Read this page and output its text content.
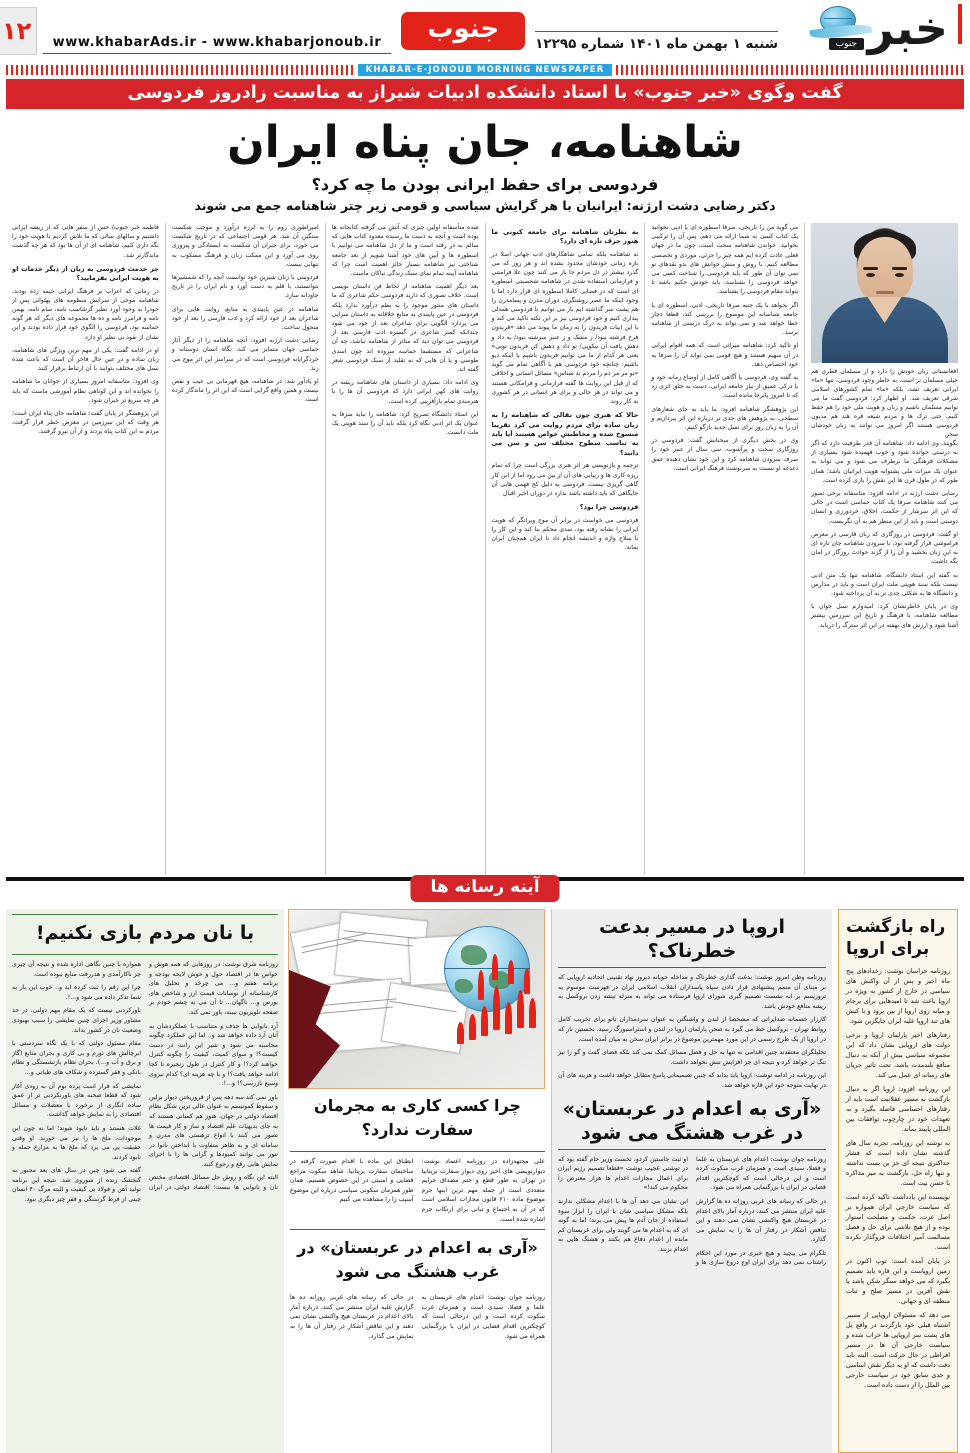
خبر
جنوب
شنبه ۱ بهمن ماه ۱۴۰۱ شماره ۱۲۲۹۵
جنوب
www.khabarAds.ir - www.khabarjonoub.ir
۱۲
KHABAR-E-JONOUB MORNING NEWSPAPER
گفت وگوی «خبر جنوب» با استاد دانشکده ادبیات شیراز به مناسبت زادروز فردوسی
شاهنامه، جان پناه ایران
فردوسی برای حفظ ایرانی بودن ما چه کرد؟
دکتر رضایی دشت ارژنه: ایرانیان با هر گرایش سیاسی و قومی زیر چتر شاهنامه جمع می شوند
افغانستانی زبان خودش را دارد و از مسلمان قطری هم خیلی مسلمان تر است. به خاطر وجود فردوسی، تنها «ما» ایرانی تعریف نشد، بلکه «ما» تمام کشورهای اسلامی شرقی تعریف شد. او اظهار کرد: فردوسی گفت ما می توانیم مسلمان باشیم و زبان و هویت ملی خود را هم حفظ کنیم، حتی ترک ها و مردم شیعه قره هند هم مدیون فردوسی هستند اگر امروز می توانند به زبان خودشان سخن

بگویند. وی ادامه داد: شاهنامه آن قدر ظرفیت دارد که اگر به درستی خوانده شود و خوب فهمیده شود بسیاری از مشکلات فرهنگی ما برطرف می شود و می تواند به عنوان یک میراث ملی پشتوانه هویت ایرانیان باشد؛ همان طور که در طول قرن ها این نقش را بازی کرده است.

رضایی دشت ارژنه در ادامه افزود: متاسفانه برخی تصور می کنند شاهنامه صرفا یک کتاب حماسی است در حالی که این اثر سرشار از حکمت، اخلاق، خردورزی و انسان دوستی است و باید از این منظر هم به آن نگریست.

او گفت: فردوسی در روزگاری که زبان فارسی در معرض فراموشی قرار گرفته بود، با سرودن شاهنامه جان تازه ای به این زبان بخشید و آن را از گزند حوادث روزگار در امان نگه داشت.

به گفته این استاد دانشگاه، شاهنامه تنها یک متن ادبی نیست بلکه سند هویتی ملت ایران است و باید در مدارس و دانشگاه ها به شکلی جدی تر به آن پرداخته شود.

وی در پایان خاطرنشان کرد: امیدوارم نسل جوان با مطالعه شاهنامه، با فرهنگ و تاریخ این سرزمین بیشتر آشنا شود و ارزش های نهفته در این اثر سترگ را دریابد.

می گوید من را تاریخی، صرفا اسطوره ای یا ادبی نخوانید یک کتاب کسی به شما ارائه می دهم، پس آن را ترکیبی بخوانید. خواندن شاهنامه سخت است، چون ما در جهان فعلی عادت کرده ایم همه چیز را جزئی، موردی و تخصصی مطالعه کنیم. با روش و منش خوانش های بدو نقدهای نو نمی توان آن طور که باید فردوسی را شناخت کسی می خواهد فردوسی را بشناسد، باید خودش حکیم باشد تا بتواند مقام فردوسی را بشناسد.

اگر بخواهد با یک جنبه صرفا تاریخی، ادبی، اسطوره ای یا جامعه شناسانه این موضوع را بررسی کند، قطعا دچار خطا خواهد شد و نمی تواند به درک درستی از شاهنامه برسد.

او تاکید کرد: شاهنامه میراثی است که همه اقوام ایرانی در آن سهیم هستند و هیچ قومی نمی تواند آن را صرفا به خود اختصاص دهد.

به گفته وی، فردوسی با آگاهی کامل از اوضاع زمانه خود و با درکی عمیق از نیاز جامعه ایرانی، دست به خلق اثری زد که تا امروز پابرجا مانده است.

این پژوهشگر شاهنامه افزود: ما باید به جای شعارهای سطحی، به پژوهش های جدی تر درباره این اثر بپردازیم و آن را به زبان روز برای نسل جدید بازگو کنیم.

وی در بخش دیگری از سخنانش گفت: فردوسی در روزگاری سخت و پرآشوب، سی سال از عمر خود را صرف سرودن شاهنامه کرد و این خود نشان دهنده عمق دغدغه او نسبت به سرنوشت فرهنگ ایرانی است.

به نظرتان شاهنامه برای جامعه کنونی ما هنوز حرف تازه ای دارد؟

نه شاهنامه بلکه تمامی شاهکارهای ادب جهانی اصلا در بازه زمانی خودشان محدود نشده اند و هر روز که می گذرد بیشتر در دل مردم جا باز می کنند چون علا فرامتنی و فرازمانی استفاده شدن در شاهنامه شخصیتی اسطوره ای است که در فضایی کاملا اسطوره ای قرار دارد اما با وجود اینکه ما عصر روشنگری، دوران مدرن و پسامدرن را هم پشت سر گذاشته ایم باز می توانیم با فردوسی همدلی پنداری کنیم و خود فردوسی نیز بر این نکته تاکید می کند و با این ابیات فریدون را به زمان ما پیوند می دهد «فریدون فرخ فرشته نبود/ ز مشک و ز عنبر سرشته نبود/ به داد و دهش یافت آن نیکویی/ تو داد و دهش کن فریدون تویی» یعنی هر کدام از ما می توانیم فریدون باشیم با اینکه دیو باشیم. چنانچه خود فردوسی هم با آگاهی تمام می گوید «تو مر مر دم را مردم بد شناس» مسائل انسانی و اخلاقی که از قبل این روایت ها گفته فرازمانی و فرامکانی هستند و می تواند در هر حالی و برای هر انسانی در هر کشوری به کار روند.

حالا که هنری چون نقالی که شاهنامه را به زبان ساده برای مردم روایت می کرد تقریبا منسوخ شده و مخاطبش خواص هستند آیا باید به تناسب سطوح مختلف سن و سن می دانید؟

ترجمه و بازنویسی هر اثر هنری بزرگی است چرا که تمام ریزه کاری ها و زیبایی های آن از بین می رود اما از این کار گاهی گریزی نیست. فردوسی به دلیل کج فهمی هایی آن جایگاهی که باید داشته باشد ندارد در دوران اخیر اقبال

فردوسی چرا بود؟

فردوسی می خواست در برابر آن موج ویرانگر که هویت ایرانی را نشانه رفته بود، سدی محکم بنا کند و این کار را با سلاح واژه و اندیشه انجام داد تا ایران همچنان ایران بماند.

شده متأسفانه اولین چیزی که آتش می گرفته کتابخانه ها بوده است و آنچه به دست ما رسیده معدود کتاب هایی که سالم به در رفته است و ما از دل شاهنامه می توانیم با اسطوره ها و آیین های خود آشنا شویم از بعد جامعه شناختی نیز شاهنامه بسیار حائز اهمیت است چرا که شاهنامه آیینه تمام نمای سبک زندگی نیاکان ماست.

بعد دیگر اهمیت شاهنامه از لحاظ فن داستان نویسی است. خلاف تصوری که دارند فردوسی حکم شاعری که ما داستان های منثور موجود را به نظم درآورد ندارد بلکه فردوسی در عین پایبندی به منابع خلاقانه به داستان سرایی می پردازد الگویی برای شاعران بعد از خود می شود چندانکه کمتر شاعری در گستره ادب فارسی بعد از فردوسی می توان دید که متاثر از شاهنامه نباشد، چه آن شاعرانی که مستقیما حماسه سروده اند چون اسدی طوسی و یا آن هایی که به تقلید از سبک فردوسی شعر گفته اند.

وی ادامه داد: بسیاری از داستان های شاهنامه ریشه در روایت های کهن ایرانی دارد که فردوسی آن ها را با هنرمندی تمام بازآفرینی کرده است.

این استاد دانشگاه تصریح کرد: شاهنامه را نباید صرفا به عنوان یک اثر ادبی نگاه کرد بلکه باید آن را سند هویتی یک ملت دانست.

امپراطوری روم را به لرزه درآورد و موجب شکست سنگین آن شد. هر قومی اجتماعی که در تاریخ شکست می خورد، برای جبران آن شکست به ایستادگی و پیروزی روی می آورد و این ممکت زبان و فرهنگ مسکوب به تنهایی نیست.

فردوسی با زبان شیرین خود توانست آنچه را که شمشیرها نتوانستند، با قلم به دست آورد و نام ایران را در تاریخ جاودانه سازد.

شاهنامه در عین پایبندی به منابع، روایت هایی برای شاعران بعد از خود ارائه کرد و ادب فارسی را بعد از خود متحول ساخت.

رضایی دشت ارژنه افزود: آنچه شاهنامه را از دیگر آثار حماسی جهان متمایز می کند، نگاه انسان دوستانه و خردگرایانه فردوسی است که در سراسر این اثر موج می زند.

او یادآور شد: در شاهنامه، هیچ قهرمانی بی عیب و نقص نیست و همین واقع گرایی است که این اثر را ماندگار کرده است.

فاطمه خبر جنوب/ حس از سفر هایی که از ریشه ایرانی داشتیم و سالهای سالی که ما تلاش کردیم تا هویت خود را نگه داری کنیم، شاهنامه ای از آن ها بود که هر چه گذشت ماندگارتر شد.

جز خدمت فردوسی به زبان از دیگر خدمات او به هویت ایرانی بفرمایید؟

در زمانی که اعراب بر فرهنگ ایرانی خیمه زده بودند، شاهنامه موجی از سرایش منظومه های پهلوانی پس از خودرا به وجود آورد نظیر گرشاسب نامه، سام نامه، بهمن نامه و فرامرز نامه و ده ها مجموعه های دیگر که هر گونه حماسه بود، فردوسی را الگوی خود قرار داده بودند و این نشان از نفوذ بی نظیر او دارد.

او در ادامه گفت: یکی از مهم ترین ویژگی های شاهنامه، زبان ساده و در عین حال فاخر آن است که باعث شده نسل های مختلف بتوانند با آن ارتباط برقرار کنند.

وی افزود: متاسفانه امروز بسیاری از جوانان ما شاهنامه را نخوانده اند و این کوتاهی نظام آموزشی ماست که باید هر چه سریع تر جبران شود.

این پژوهشگر در پایان گفت: شاهنامه جان پناه ایران است؛ هر وقت که این سرزمین در معرض خطر قرار گرفت، مردم به این کتاب پناه بردند و از آن نیرو گرفتند.

آینه رسانه ها
راه بازگشت برای اروپا

روزنامه خراسان نوشت: رخدادهای پنج ماه اخیر و پس از آن واکنش های سیاسی در خارج از کشور به ویژه در اروپا باعث شد تا امیدهایی برای برجام و میانه روی اروپا از بین برود و با کنش های تند اروپا علیه ایران جایگزین شود.

رفتارهای اخیر پارلمان اروپا و برخی دولت های اروپایی نشان داد که این مجموعه سیاسی بیش از آنکه به دنبال منافع بلندمدت باشد، تحت تاثیر جریان های رسانه ای عمل می کند.

این روزنامه افزود: اروپا اگر به دنبال بازگشت به مسیر عقلانیت است باید از رفتارهای احساسی فاصله بگیرد و به تعهدات خود در چارچوب توافقات بین المللی پایبند بماند.

به نوشته این روزنامه، تجربه سال های گذشته نشان داده است که فشار حداکثری نتیجه ای جز بن بست نداشته و تنها راه حل، بازگشت به میز مذاکره با حسن نیت است.

نویسنده این یادداشت تاکید کرده است که سیاست خارجی ایران همواره بر اصل عزت، حکمت و مصلحت استوار بوده و از هیچ تلاشی برای حل و فصل مسالمت آمیز اختلافات فروگذار نکرده است.

در پایان آمده است: توپ اکنون در زمین اروپاست و این قاره باید تصمیم بگیرد که می خواهد سنگر شکن باشد یا نقش آفرین در مسیر صلح و ثبات منطقه ای و جهانی.

می دهد که مسئولان اروپایی از مسیر اشتباه قبلی خود بازگردند در واقع پل های پشت سر اروپایی ها خراب شده و سیاست خارجی آن ها در مسیر افراطی در حال حرکت است. البته باید دقت داشت که او به دیگر نقش اساسی و جدی سابق خود در سیاست خارجی بین الملل را از دست داده است.

اروپا در مسیر بدعت خطرناک؟

روزنامه وطن امروز نوشت: بدعت گذاری خطرناک و مداخله جویانه دیروز نهاد تقنینی اتحادیه اروپایی که بر مبنای آن متمم پیشنهادی قرار دادن سپاه پاسداران انقلاب اسلامی ایران در فهرست موسوم به تروریسم بر ابه نشست تصمیم گیری شورای اروپا فرستاده می تواند به منزله تیشه زدن بروکسل به ریشه منافع خودش باشد.

کارزار خصمانه ضدایرانی که مشخصا از لندن و واشنگتن به عنوان سردمداران ناتو برای تخریب کامل روابط تهران - بروکسل خط می گیرد به صحن پارلمان اروپا در لندن و استراسبورگ رسید. نخستین بار که در اروپا از یک طرح رسمی در این مورد مهمترین موضوع در برابر ایران سخن به میان آمده است.

تحلیلگران معتقدند چنین اقدامی نه تنها به حل و فصل مسائل کمک نمی کند بلکه فضای گفت و گو را نیز تنگ تر خواهد کرد و نتیجه ای جز افزایش تنش نخواهد داشت.

این روزنامه در ادامه نوشت: اروپا باید بداند که چنین تصمیماتی پاسخ متقابل خواهد داشت و هزینه های آن در نهایت متوجه خود این قاره خواهد شد.

«آری به اعدام در عربستان» در غرب هشتگ می شود

روزنامه جوان نوشت: اعدام های عربستان به علما و فضلا، سیدی است و همزمان غرب سکوت کرده است و این درحالی است که کوچکترین اقدام قضایی در ایران با بزرگنمایی همراه می شود.

در حالی که رسانه های غربی روزانه ده ها گزارش علیه ایران منتشر می کنند، درباره آمار بالای اعدام در عربستان هیچ واکنشی نشان نمی دهند و این تناقض آشکار در رفتار آن ها را به نمایش می گذارد.

تلگرام می پیچید و هیچ خبری در مورد این احکام راشتاب نمی دهد برای ایران اوج دروغ سازی ها و او ثبت جاستین کردو، نخست وزیر خام گفته بود که در توشتی عجیب نوشت «قطعا تصمیم رژیم ایران برای اعمال مجازات اعدام ها هزار معترض را محکوم می کند!»

این نشان می دهد آن ها با اعدام مشکلی ندارند بلکه مشکل سیاسی شان با ایران را ابزار سوء استفاده از جان آدم ها پیش می برند؛ اما به گونه ای که به اعدام ها می گویند ولی برای عربستان کم مانده از اعدام دفاع هم بکنند و هشتگ هایی به اعدام بزنند.

چرا کسی کاری به مجرمان سفارت ندارد؟

علی مجتهدزاده در روزنامه اعتماد نوشت: دیوارنویسی های اخیر روی دیوار سفارت بریتانیا در تهران به طور قطع و حتم مصداق جرایم متعددی است از جمله مهم ترین اینها جرم موضوع ماده ۶۱۰ قانون مجازات اسلامی است که در آن به اجتماع و تبانی برای ارتکاب جرم اشاره شده است.

انطباق این ماده با اقدام صورت گرفته در ساختمان سفارت بریتانیا، شاهد سکوت مراجع قضایی و امنیتی در این خصوص هستیم. همان طور همزمان سکوتی سیاسی درباره این موضوع آسیب زا را مشاهده می کنیم

«آری به اعدام در عربستان» در غرب هشتگ می شود

روزنامه جوان نوشت: اعدام های عربستان به علما و فضلا، سیدی است و همزمان غرب سکوت کرده است و این درحالی است که کوچکترین اقدام قضایی در ایران با بزرگنمایی همراه می شود.

در حالی که رسانه های غربی روزانه ده ها گزارش علیه ایران منتشر می کنند، درباره آمار بالای اعدام در عربستان هیچ واکنشی نشان نمی دهند و این تناقض آشکار در رفتار آن ها را به نمایش می گذارد.

با نان مردم بازی نکنیم!

روزنامه شرق نوشت: در روزهایی که همه هوش و حواس ها در اقتصاد حول و حوش لایحه بودجه و برنامه هفتم و... می چرخد و تحلیل های کارشناسانه از نوسانات قیمت ارز و شاخص های بورس و... ناگهان... تا آن می به چشم خودم بر صفحه تلویزیون نبیند، باور نمی کند.

آرد نانوایی ها حذف و متناسب با عملکردشان به آنان آرد داده خواهد شد و.. اما این عملکرد چگونه محاسبه می شود و شیر این رانت در دست کیست؟! و سوای کمیت، کیفیت را چگونه کنترل خواهند کرد؟! و کار کنترل در طول زنجیره تا کجا ادامه خواهد یافت؟! و با چه هزینه ای؟ کدام نیروی وسیع بازرسی؟! و...!.

باور نمی کند سه دهه پس از فروریختن دیوار برلین و سقوط کمونیسم به عنوان عالی ترین شکل نظام اقتصاد دولتی در جهان، هنوز هم کسانی هستند که به جای بدیهیات علم اقتصاد و ساز و کار قیمت ها تصور می کنند با انواع ترهستی های مدرن و سامانه ای و به ظاهر متفاوت با انداختن نانوا در تنور می توانند کمبودها و گرانی ها را با اجرای نمایش هایی رفع و رجوع کنند.

البته این نگاه و روش حل مسائل اقتصادی مختص نان و نانوایی ها نیست؛ اقتصاد دولتی در ایران همواره با چنین نگاهی اداره شده و نتیجه آن چیزی جز ناکارآمدی و هدررفت منابع نبوده است.

چرا این رقم را ثبت کرده اید و.. خوب این بار به شما تذکر داده می شود و...!.

باورکردنی نیست که یک مقام مهم دولتی، در حد مشاور وزیر اجرای چنین نمایشی را سبب بهبودی وضعیت نان در کشور بداند.

مقام مسئول دولتی که با یک نگاه سردستی با ابرچالش های تورم و بی کاری و بحران منابع (گاز و برق و آب و...)، بحران نظام بازنشستگی و نظام بانکی و فقر گسترده و شکاف های طباتی و...

نمایشی که قرار است پرده نوم آن به زودی آغاز شود که قطعا صحنه های باورنکردنی تر از عمق ساده انگاری از برخورد با معضلات و مسائل اقتصادی را به نمایش خواهد گذاشت.

غلات هستند و باید نابود شوند؛ اما نه چون این موجودات، ملخ ها را نیز می خورند. او وقتی حقیقت پی می برد که ملخ ها به مزارع حمله و نابود کردند.

گفته می شود چین در سال های بعد مجبور به گنجشک زنده از شوروی شد. نتیجه این برنامه تولید آهن و فولاد بی کیفیت و البته مرگ ۴۰ انسان چینی از فرط گرسنگی و فقر چیز دیگری نبود.
